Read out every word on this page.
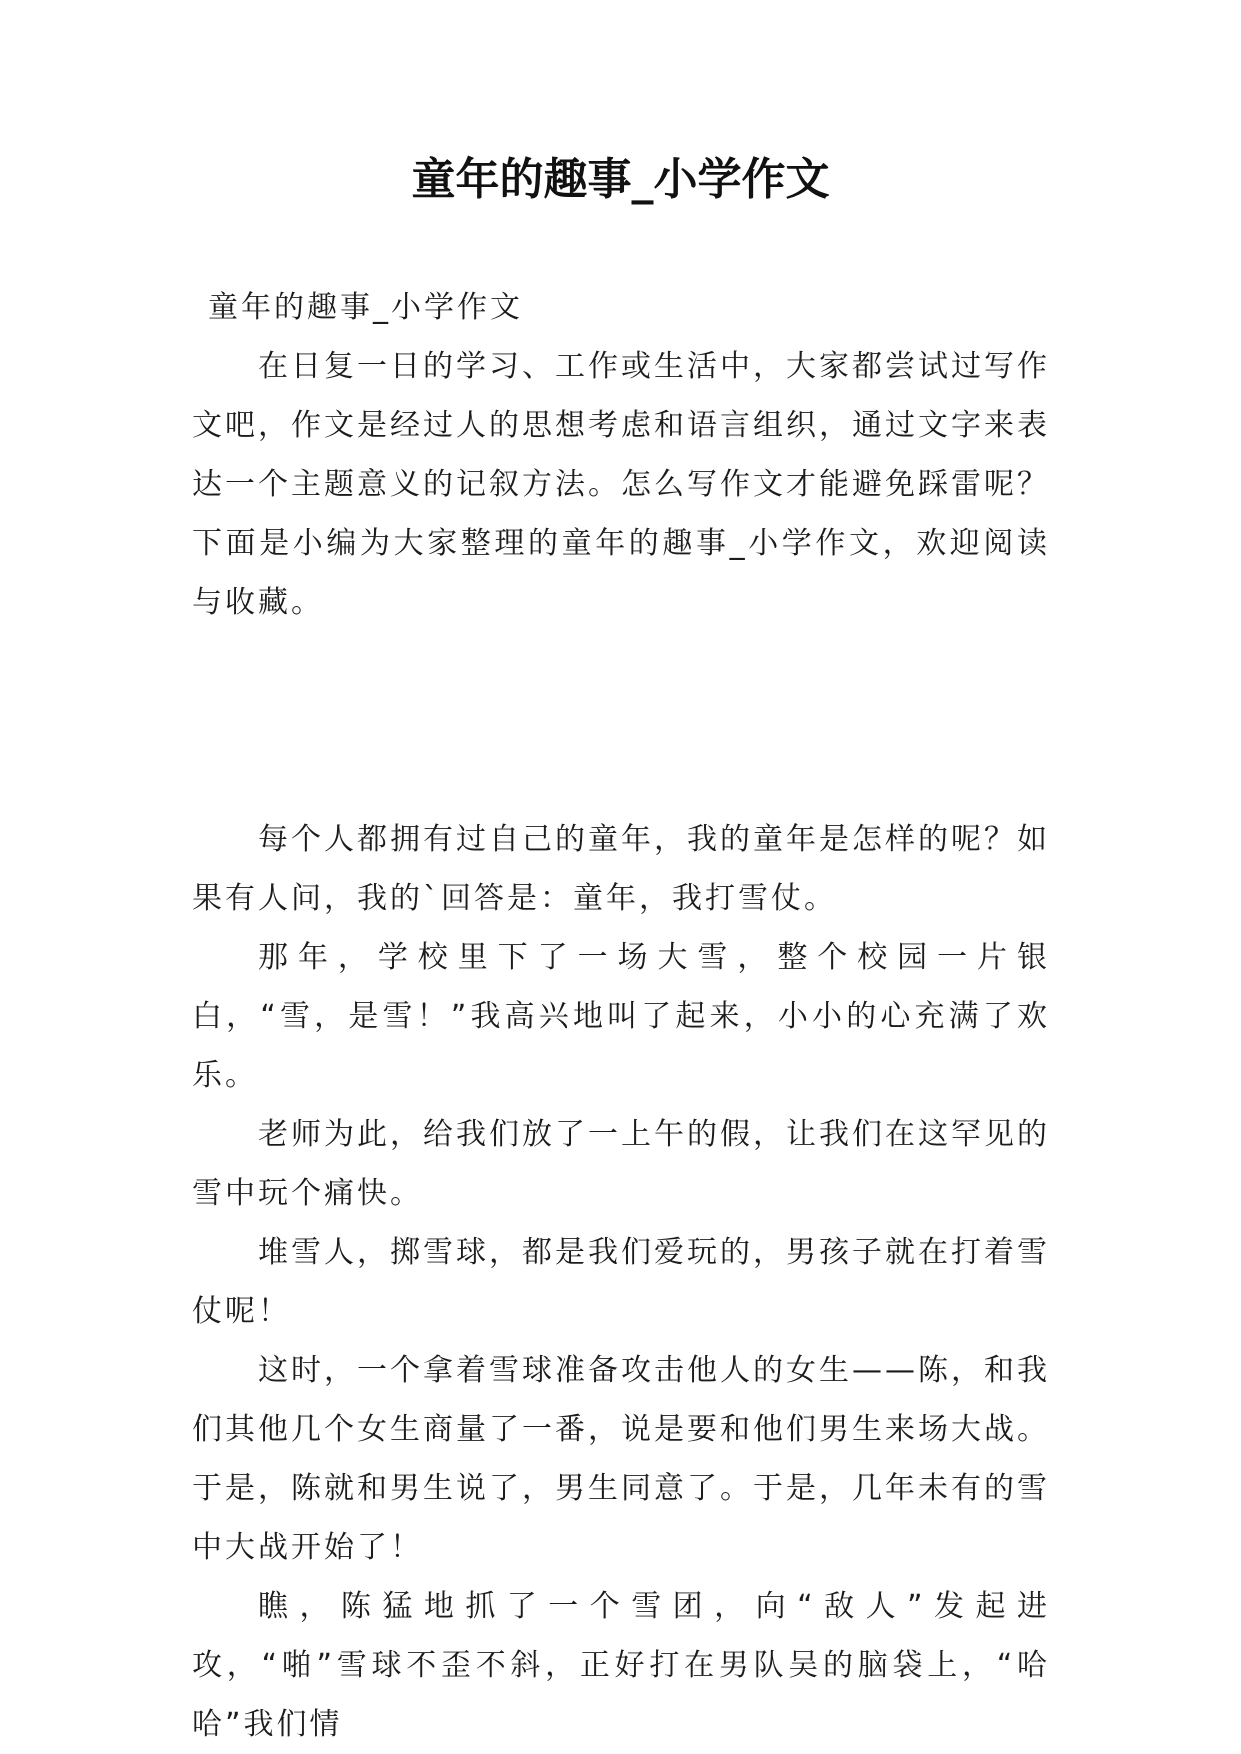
童年的趣事_小学作文

童年的趣事_小学作文

在日复一日的学习、工作或生活中，大家都尝试过写作文吧，作文是经过人的思想考虑和语言组织，通过文字来表达一个主题意义的记叙方法。怎么写作文才能避免踩雷呢？下面是小编为大家整理的童年的趣事_小学作文，欢迎阅读与收藏。

每个人都拥有过自己的童年，我的童年是怎样的呢？如果有人问，我的`回答是：童年，我打雪仗。

那年，学校里下了一场大雪，整个校园一片银白，“雪，是雪！”我高兴地叫了起来，小小的心充满了欢乐。

老师为此，给我们放了一上午的假，让我们在这罕见的雪中玩个痛快。

堆雪人，掷雪球，都是我们爱玩的，男孩子就在打着雪仗呢！

这时，一个拿着雪球准备攻击他人的女生——陈，和我们其他几个女生商量了一番，说是要和他们男生来场大战。于是，陈就和男生说了，男生同意了。于是，几年未有的雪中大战开始了！

瞧，陈猛地抓了一个雪团，向“敌人”发起进攻，“啪”雪球不歪不斜，正好打在男队吴的脑袋上，“哈哈”我们情
